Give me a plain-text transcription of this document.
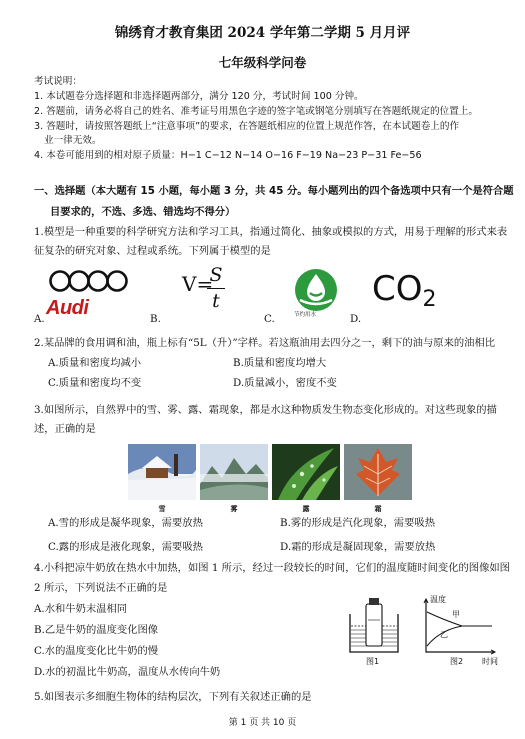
锦绣育才教育集团 2024 学年第二学期 5 月月评
七年级科学问卷

考试说明：

1. 本试题卷分选择题和非选择题两部分，满分 120 分，考试时间 100 分钟。

2. 答题前，请务必将自己的姓名、准考证号用黑色字迹的签字笔或钢笔分别填写在答题纸规定的位置上。

3. 答题时，请按照答题纸上“注意事项”的要求，在答题纸相应的位置上规范作答，在本试题卷上的作

业一律无效。

4. 本卷可能用到的相对原子质量：H−1 C−12 N−14 O−16 F−19 Na−23 P−31 Fe−56

一、选择题（本大题有 15 小题，每小题 3 分，共 45 分。每小题列出的四个备选项中只有一个是符合题

目要求的，不选、多选、错选均不得分）

1.模型是一种重要的科学研究方法和学习工具，指通过简化、抽象或模拟的方式，用易于理解的形式来表

征复杂的研究对象、过程或系统。下列属于模型的是

Audi
V=
S
t
节约用水
$CO_2$
A.	B.	C.	D.

2.某品牌的食用调和油，瓶上标有“5L（升）”字样。若这瓶油用去四分之一，剩下的油与原来的油相比

A.质量和密度均减小	B.质量和密度均增大
C.质量和密度均不变	D.质量减小，密度不变

3.如图所示，自然界中的雪、雾、露、霜现象，都是水这种物质发生物态变化形成的。对这些现象的描

述，正确的是

雪	雾	露	霜
A.雪的形成是凝华现象，需要放热	B.雾的形成是汽化现象，需要吸热
C.露的形成是液化现象，需要吸热	D.霜的形成是凝固现象，需要放热

4.小科把凉牛奶放在热水中加热，如图 1 所示，经过一段较长的时间，它们的温度随时间变化的图像如图

2 所示，下列说法不正确的是

A.水和牛奶末温相同

B.乙是牛奶的温度变化图像

C.水的温度变化比牛奶的慢

D.水的初温比牛奶高，温度从水传向牛奶

温度
甲
乙
图1	图2 时间

5.如图表示多细胞生物体的结构层次，下列有关叙述正确的是

第 1 页 共 10 页
